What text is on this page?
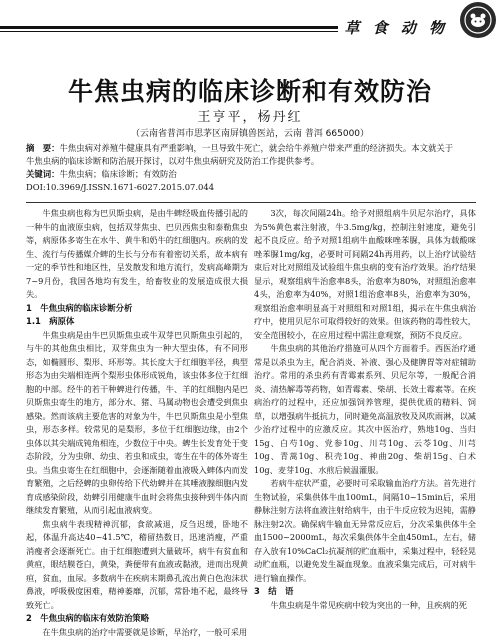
草 食 动 物
牛焦虫病的临床诊断和有效防治
王亨平，杨丹红
（云南省普洱市思茅区南屏镇兽医站，云南 普洱 665000）
摘　要：牛焦虫病对养殖牛健康具有严重影响，一旦导致牛死亡，就会给牛养殖户带来严重的经济损失。本文就关于
牛焦虫病的临床诊断和防治展开探讨，以对牛焦虫病研究及防治工作提供参考。
关键词：牛焦虫病；临床诊断；有效防治
DOI:10.3969/J.ISSN.1671-6027.2015.07.044

牛焦虫病也称为巴贝斯虫病，是由牛蜱经吸血传播引起的一种牛的血液原虫病，包括双芽焦虫、巴贝西焦虫和泰勒焦虫等，病原体多寄生在水牛、黄牛和奶牛的红细胞内。疾病的发生、流行与传播媒介蜱的生长与分布有着密切关系，故本病有一定的季节性和地区性，呈发散发和地方流行，发病高峰期为7~9月份，我国各地均有发生，给畜牧业的发展造成很大损失。

1　牛焦虫病的临床诊断分析
1.1　病原体

牛焦虫病是由牛巴贝斯焦虫或牛双芽巴贝斯焦虫引起的，与牛的其他焦虫相比，双芽焦虫为一种大型虫体，有不同形态，如椭圆形、梨形、环形等。其长度大于红细胞半径，典型形态为由尖端相连两个梨形虫体形成锐角，该虫体多位于红细胞的中部。经牛的若干种蜱进行传播，牛、羊的红细胞内是巴贝斯焦虫寄生的地方，部分水、猪、马属动物也会遭受到焦虫感染。然而该病主要危害的对象为牛，牛巴贝斯焦虫是小型焦虫，形态多样。较常见的是梨形，多位于红细胞边缘，由2个虫体以其尖端成钝角相连，少数位于中央。蜱生长发育处于变态阶段，分为虫卵、幼虫、若虫和成虫，寄生在牛的体外寄生虫。当焦虫寄生在红细胞中，会逐渐随着血液吸入蜱体内而发育繁殖，之后经蜱的虫卵传给下代幼蜱并在其唾液腺细胞内发育成感染阶段，幼蜱引用健康牛血时会将焦虫接种到牛体内而继续发育繁殖，从而引起血液病变。

焦虫病牛表现精神沉郁，食欲减退，反刍迟缓，卧地不起，体温升高达40~41.5℃，稽留热数日，迅速消瘦，严重消瘦者会逐渐死亡。由于红细胞遭到大量破坏，病牛有贫血和黄疸，眼结膜苍白，黄染，粪便带有血液或黏液，进而出现黄疸，贫血，血尿。多数病牛在疾病末期鼻孔流出黄白色泡沫状鼻液，呼吸极度困难，精神萎靡，沉郁，常卧地不起，最终导致死亡。

2　牛焦虫病的临床有效防治策略

在牛焦虫病的治疗中需要就是诊断，早治疗，一般可采用

3次，每次间隔24h。给予对照组病牛贝尼尔治疗，具体为5%黄色素注射液，牛3.5mg/kg，控制注射速度，避免引起不良反应。给予对照1组病牛血酸咪唑苯脲，具体为载酸咪唑苯脲1mg/kg，必要时可间隔24h再用药，以上治疗试验结束后对比对照组及试验组牛焦虫病的变有治疗效果。治疗结果显示，观察组病牛治愈率8头，治愈率为80%，对照组治愈率4头，治愈率为40%，对照1组治愈率8头，治愈率为30%，观察组治愈率明显高于对照组和对照1组，揭示在牛焦虫病治疗中，使用贝尼尔可取得较好的效果。但该药物的毒性较大，安全范围较小，在应用过程中需注意观察，预防不良反应。

牛焦虫病的其他治疗措施可从四个方面着手。西医治疗通常是以杀虫为主，配合消炎、补液、强心及健脾胃等对症辅助治疗。常用的杀虫药有青霉素系列、贝尼尔等，一般配合消炎、清热解毒等药物，如青霉素、柴胡、长效土霉素等。在疾病治疗的过程中，还应加强饲养管理，提供优质的精料、饲草，以增强病牛抵抗力，同时避免高温放牧及风吹雨淋，以减少治疗过程中的应激反应。其次中医治疗，熟地10g、当归15g、白芍10g、党参10g、川芎10g、云苓10g、川芎10g、青蒿10g、积壳10g、神曲20g、柴胡15g、白术10g、麦芽10g、水煎后候温灌服。

若病牛症状严重，必要时可采取输血治疗方法。首先进行生物试验，采集供体牛血100mL，间隔10~15min后，采用静脉注射方法将血液注射给病牛，由于牛反应较为迟钝，需静脉注射2次。确保病牛输血无异常反应后，分次采集供体牛全血1500~2000mL，每次采集供体牛全血450mL，左右，储存入放有10%CaCl₂抗凝剂的贮血瓶中，采集过程中，轻轻晃动贮血瓶，以避免发生凝血现象。血液采集完成后，可对病牛进行输血操作。

3　结　语

牛焦虫病是牛常见疾病中较为突出的一种，且疾病的死
